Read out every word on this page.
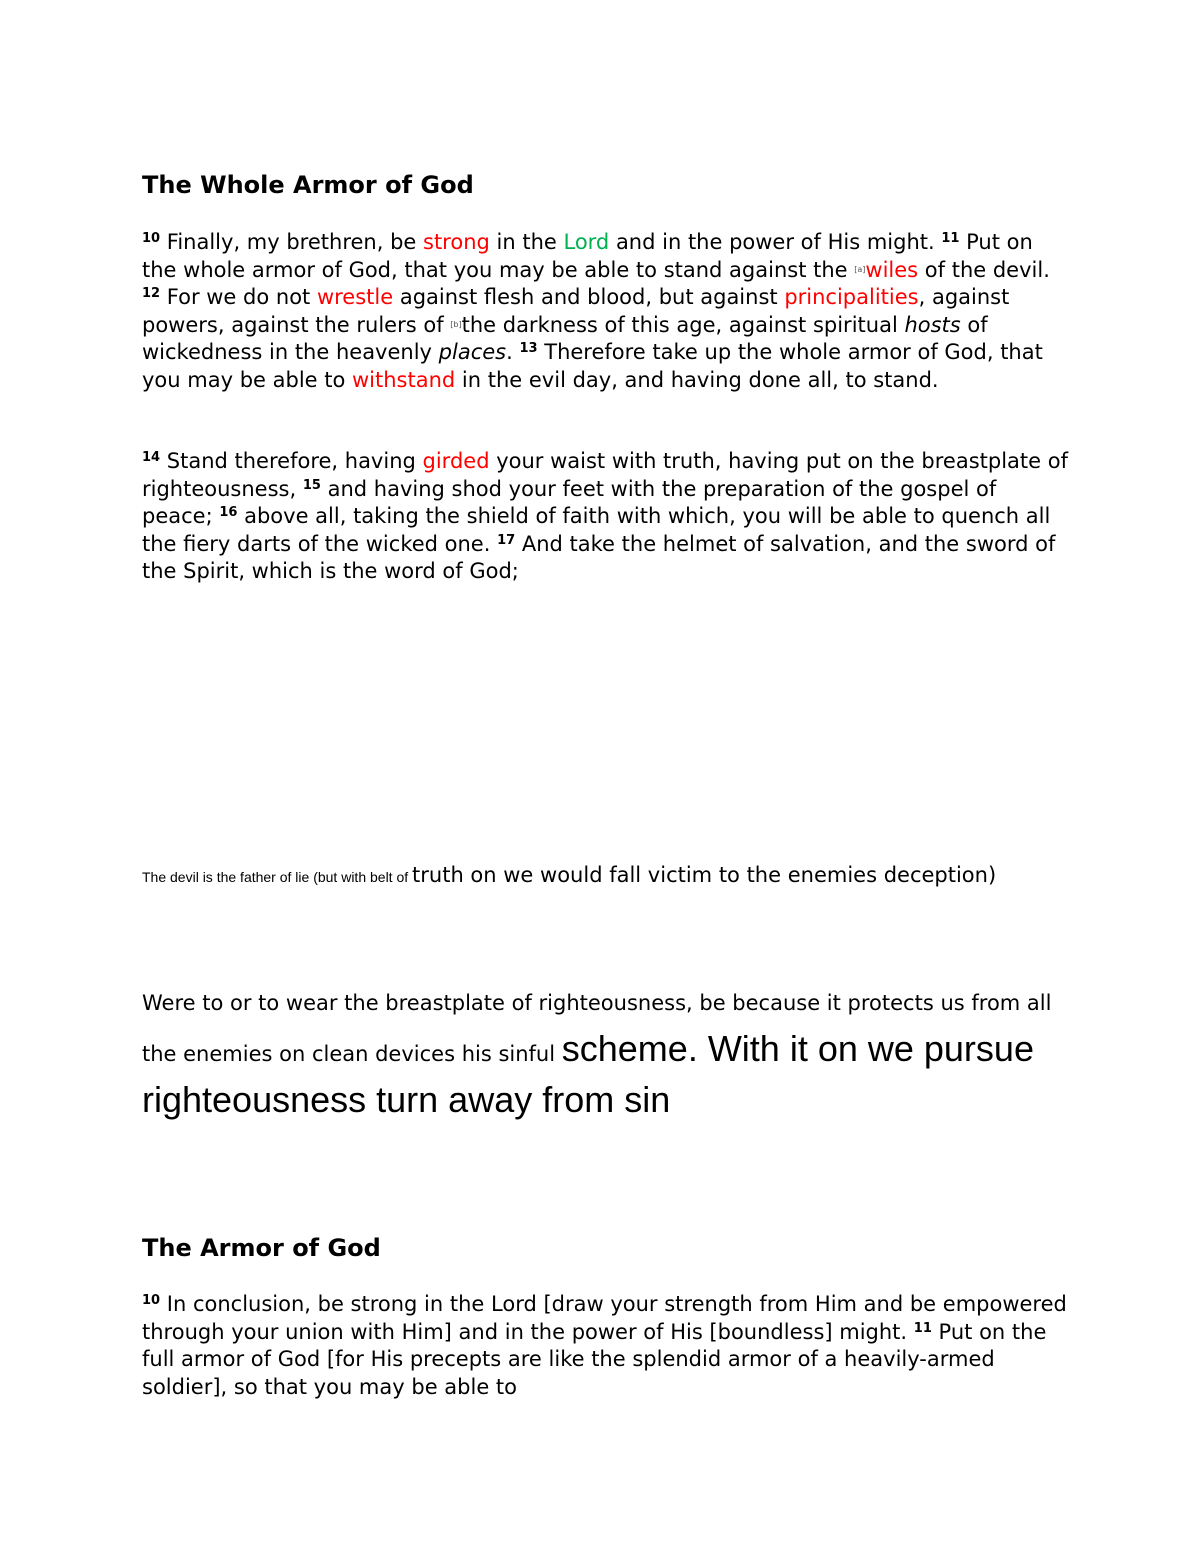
The Whole Armor of God

$^{10}$ Finally, my brethren, be strong in the Lord and in the power of His might. $^{11}$ Put on the whole armor of God, that you may be able to stand against the [a]wiles of the devil. $^{12}$ For we do not wrestle against flesh and blood, but against principalities, against powers, against the rulers of [b]the darkness of this age, against spiritual hosts of wickedness in the heavenly places. $^{13}$ Therefore take up the whole armor of God, that you may be able to withstand in the evil day, and having done all, to stand.

$^{14}$ Stand therefore, having girded your waist with truth, having put on the breastplate of righteousness, $^{15}$ and having shod your feet with the preparation of the gospel of peace; $^{16}$ above all, taking the shield of faith with which, you will be able to quench all the fiery darts of the wicked one. $^{17}$ And take the helmet of salvation, and the sword of the Spirit, which is the word of God;

The devil is the father of lie (but with belt of truth on we would fall victim to the enemies deception)

Were to or to wear the breastplate of righteousness, be because it protects us from all the enemies on clean devices his sinful scheme. With it on we pursue righteousness turn away from sin

The Armor of God

$^{10}$ In conclusion, be strong in the Lord [draw your strength from Him and be empowered through your union with Him] and in the power of His [boundless] might. $^{11}$ Put on the full armor of God [for His precepts are like the splendid armor of a heavily-armed soldier], so that you may be able to
